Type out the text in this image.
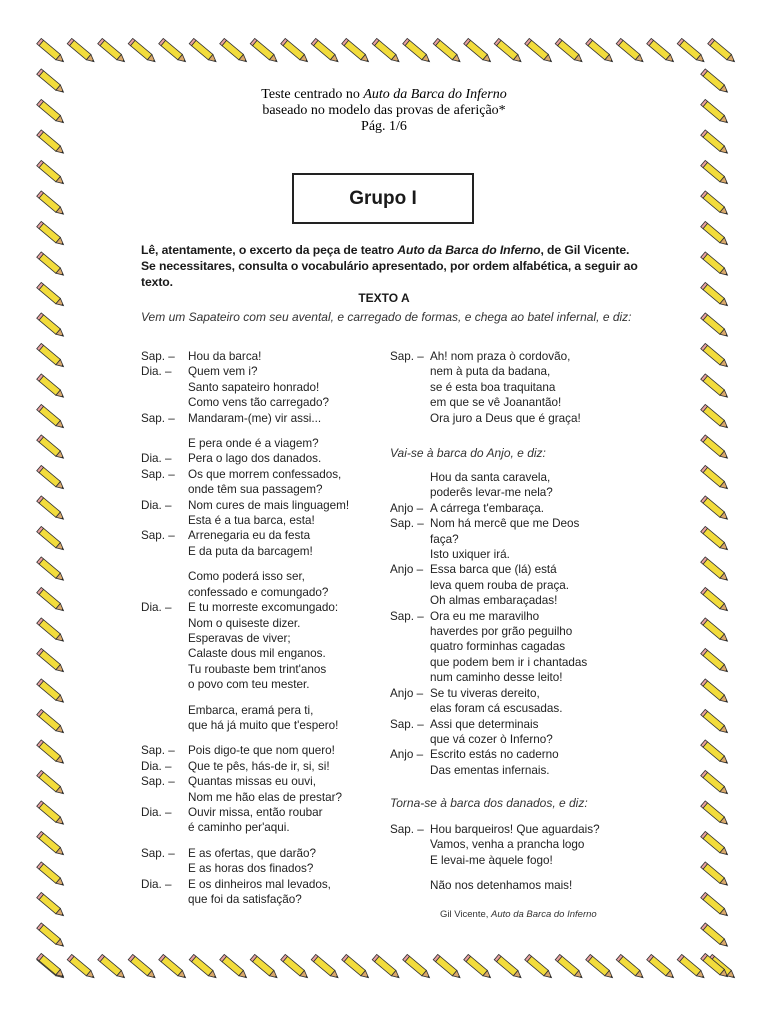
Teste centrado no Auto da Barca do Inferno
baseado no modelo das provas de aferição*
Pág. 1/6
Grupo I
Lê, atentamente, o excerto da peça de teatro Auto da Barca do Inferno, de Gil Vicente. Se necessitares, consulta o vocabulário apresentado, por ordem alfabética, a seguir ao texto.
TEXTO A
Vem um Sapateiro com seu avental, e carregado de formas, e chega ao batel infernal, e diz:
Sap. –	Hou da barca!
Dia. –	Quem vem i?
Santo sapateiro honrado!
Como vens tão carregado?
Sap. –	Mandaram-(me) vir assi...
E pera onde é a viagem?
Dia. –	Pera o lago dos danados.
Sap. –	Os que morrem confessados,
onde têm sua passagem?
Dia. –	Nom cures de mais linguagem!
Esta é a tua barca, esta!
Sap. –	Arrenegaria eu da festa
E da puta da barcagem!
Como poderá isso ser,
confessado e comungado?
Dia. –	E tu morreste excomungado:
Nom o quiseste dizer.
Esperavas de viver;
Calaste dous mil enganos.
Tu roubaste bem trint'anos
o povo com teu mester.
Embarca, eramá pera ti,
que há já muito que t'espero!
Sap. –	Pois digo-te que nom quero!
Dia. –	Que te pês, hás-de ir, si, si!
Sap. –	Quantas missas eu ouvi,
Nom me hão elas de prestar?
Dia. –	Ouvir missa, então roubar
é caminho per'aqui.
Sap. –	E as ofertas, que darão?
E as horas dos finados?
Dia. –	E os dinheiros mal levados,
que foi da satisfação?
Sap. – Ah! nom praza ò cordovão,
nem à puta da badana,
se é esta boa traquitana
em que se vê Joanantão!
Ora juro a Deus que é graça!
Vai-se à barca do Anjo, e diz:
Hou da santa caravela,
poderês levar-me nela?
Anjo – A cárrega t'embaraça.
Sap. – Nom há mercê que me Deos
faça?
Isto uxiquer irá.
Anjo – Essa barca que (lá) está
leva quem rouba de praça.
Oh almas embaraçadas!
Sap. – Ora eu me maravilho
haverdes por grão peguilho
quatro forminhas cagadas
que podem bem ir i chantadas
num caminho desse leito!
Anjo – Se tu viveras dereito,
elas foram cá escusadas.
Sap. – Assi que determinais
que vá cozer ò Inferno?
Anjo – Escrito estás no caderno
Das ementas infernais.
Torna-se à barca dos danados, e diz:
Sap. – Hou barqueiros! Que aguardais?
Vamos, venha a prancha logo
E levai-me àquele fogo!
Não nos detenhamos mais!
Gil Vicente, Auto da Barca do Inferno
